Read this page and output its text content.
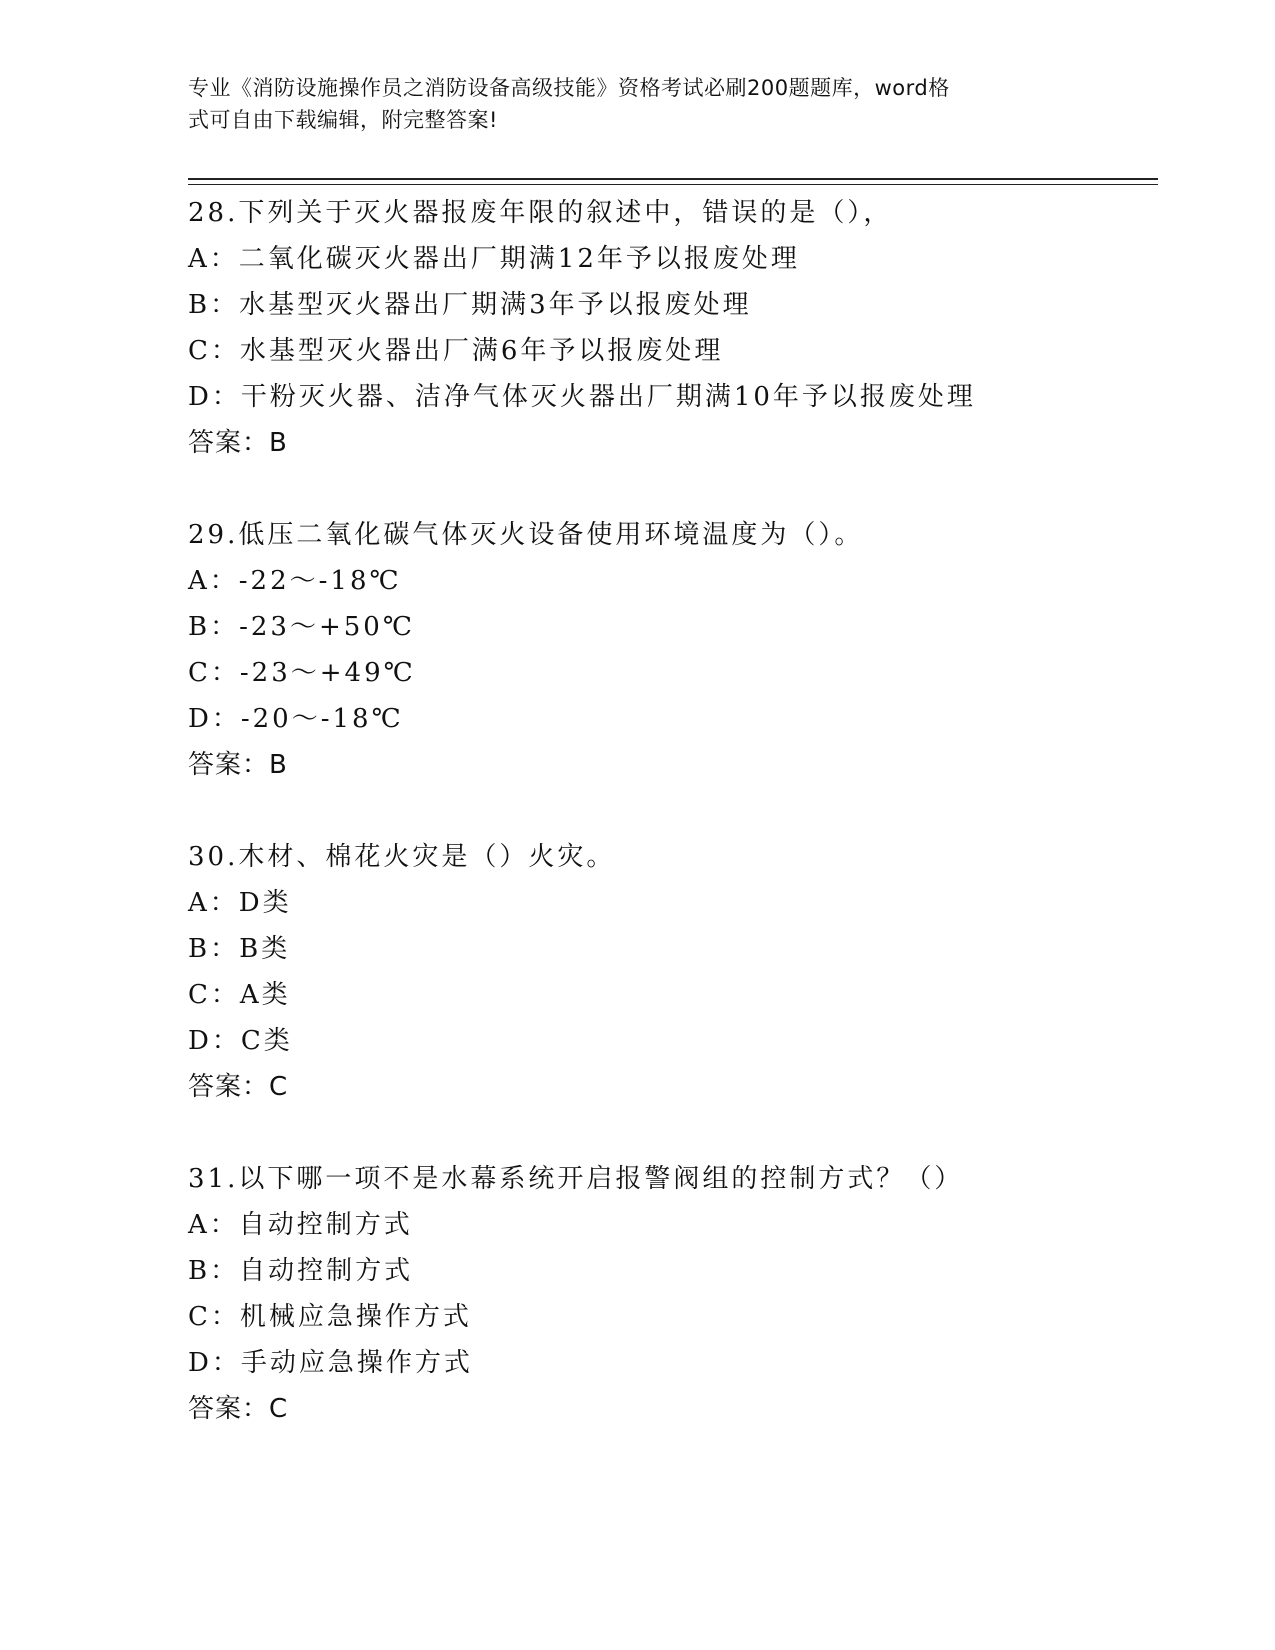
专业《消防设施操作员之消防设备高级技能》资格考试必刷200题题库，word格
式可自由下载编辑，附完整答案!
28.下列关于灭火器报废年限的叙述中，错误的是（），
A：二氧化碳灭火器出厂期满12年予以报废处理
B：水基型灭火器出厂期满3年予以报废处理
C：水基型灭火器出厂满6年予以报废处理
D：干粉灭火器、洁净气体灭火器出厂期满10年予以报废处理
答案：B
29.低压二氧化碳气体灭火设备使用环境温度为（）。
A：-22～-18℃
B：-23～+50℃
C：-23～+49℃
D：-20～-18℃
答案：B
30.木材、棉花火灾是（）火灾。
A：D类
B：B类
C：A类
D：C类
答案：C
31.以下哪一项不是水幕系统开启报警阀组的控制方式？（）
A：自动控制方式
B：自动控制方式
C：机械应急操作方式
D：手动应急操作方式
答案：C
